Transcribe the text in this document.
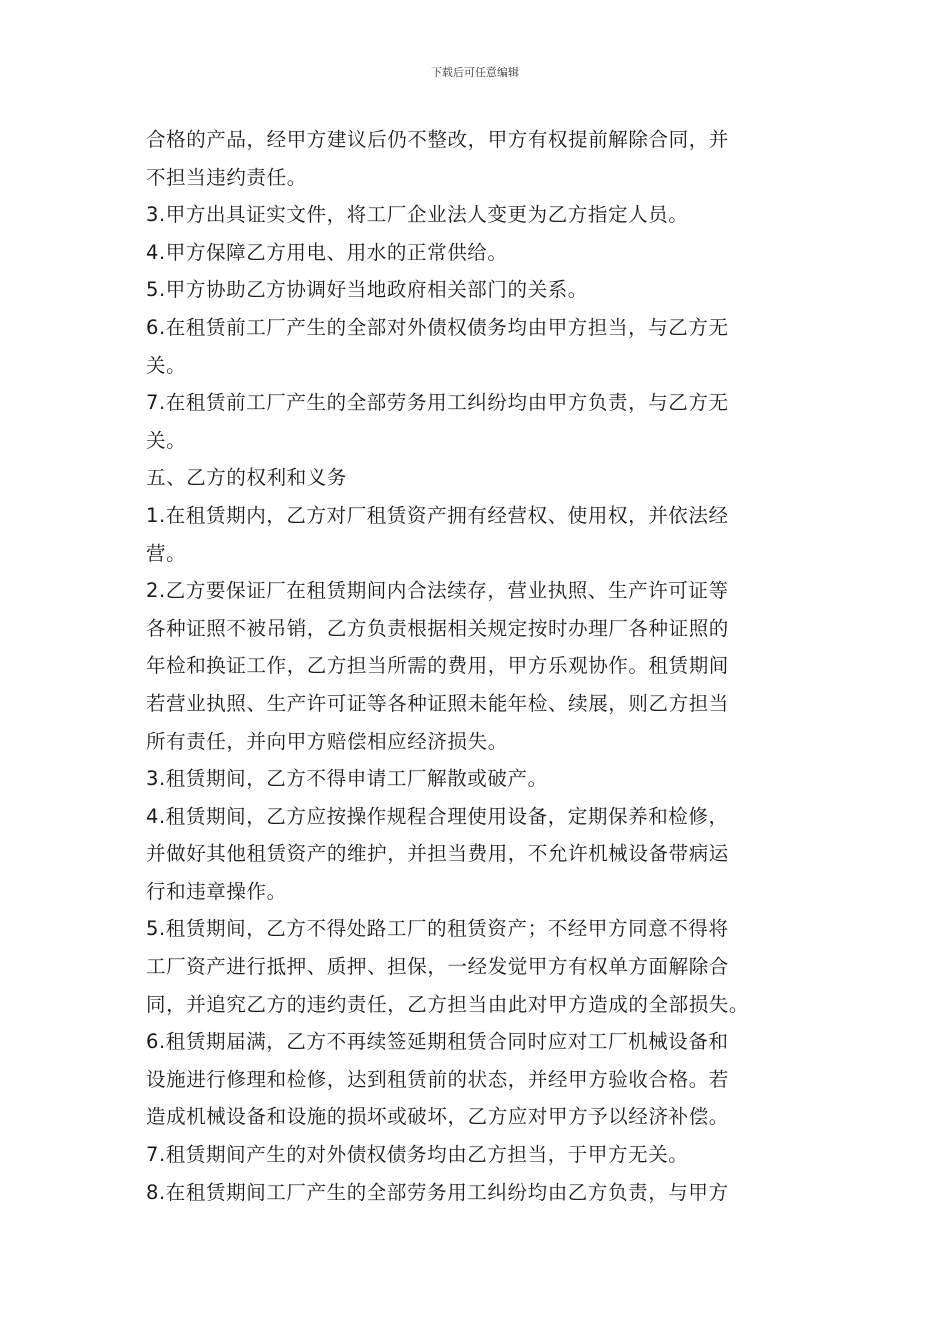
下载后可任意编辑
合格的产品，经甲方建议后仍不整改，甲方有权提前解除合同，并
不担当违约责任。
3.甲方出具证实文件，将工厂企业法人变更为乙方指定人员。
4.甲方保障乙方用电、用水的正常供给。
5.甲方协助乙方协调好当地政府相关部门的关系。
6.在租赁前工厂产生的全部对外债权债务均由甲方担当，与乙方无
关。
7.在租赁前工厂产生的全部劳务用工纠纷均由甲方负责，与乙方无
关。
五、乙方的权利和义务
1.在租赁期内，乙方对厂租赁资产拥有经营权、使用权，并依法经
营。
2.乙方要保证厂在租赁期间内合法续存，营业执照、生产许可证等
各种证照不被吊销，乙方负责根据相关规定按时办理厂各种证照的
年检和换证工作，乙方担当所需的费用，甲方乐观协作。租赁期间
若营业执照、生产许可证等各种证照未能年检、续展，则乙方担当
所有责任，并向甲方赔偿相应经济损失。
3.租赁期间，乙方不得申请工厂解散或破产。
4.租赁期间，乙方应按操作规程合理使用设备，定期保养和检修，
并做好其他租赁资产的维护，并担当费用，不允许机械设备带病运
行和违章操作。
5.租赁期间，乙方不得处路工厂的租赁资产；不经甲方同意不得将
工厂资产进行抵押、质押、担保，一经发觉甲方有权单方面解除合
同，并追究乙方的违约责任，乙方担当由此对甲方造成的全部损失。
6.租赁期届满，乙方不再续签延期租赁合同时应对工厂机械设备和
设施进行修理和检修，达到租赁前的状态，并经甲方验收合格。若
造成机械设备和设施的损坏或破坏，乙方应对甲方予以经济补偿。
7.租赁期间产生的对外债权债务均由乙方担当，于甲方无关。
8.在租赁期间工厂产生的全部劳务用工纠纷均由乙方负责，与甲方
